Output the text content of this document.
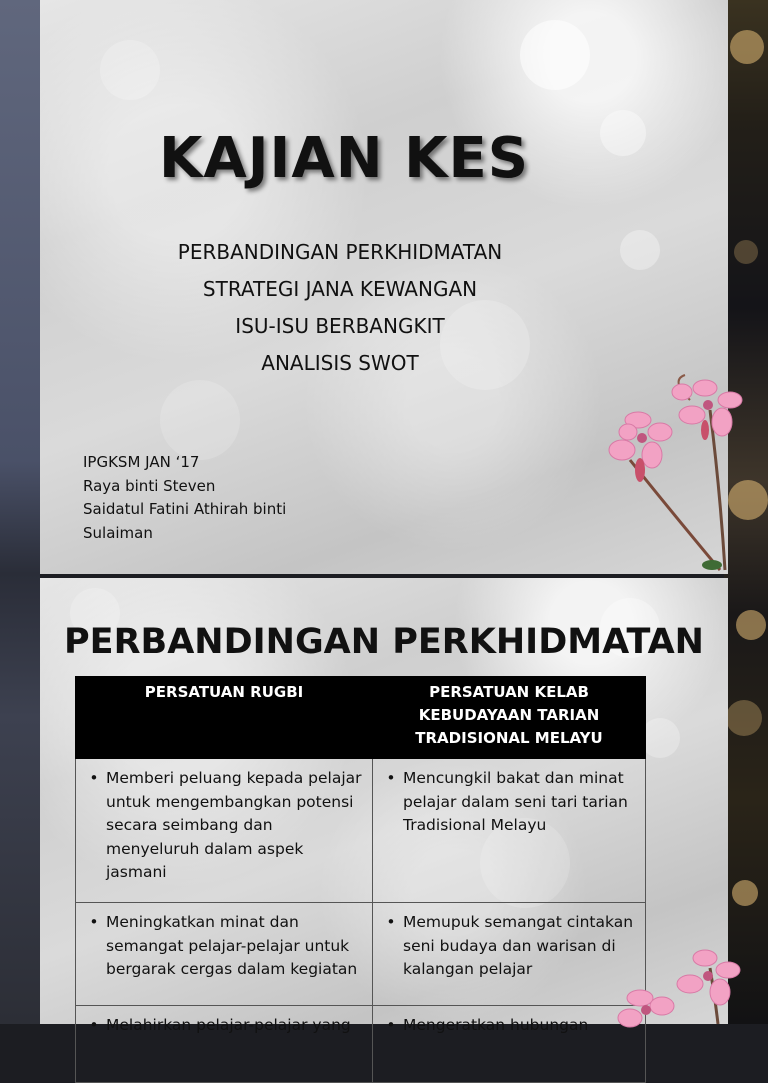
KAJIAN KES
PERBANDINGAN PERKHIDMATAN
STRATEGI JANA KEWANGAN
ISU-ISU BERBANGKIT
ANALISIS SWOT
IPGKSM JAN ‘17
Raya binti Steven
Saidatul Fatini Athirah binti
Sulaiman
PERBANDINGAN PERKHIDMATAN
PERSATUAN RUGBI	PERSATUAN KELAB KEBUDAYAAN TARIAN TRADISIONAL MELAYU

• Memberi peluang kepada pelajar untuk mengembangkan potensi secara seimbang dan menyeluruh dalam aspek jasmani	• Mencungkil bakat dan minat pelajar dalam seni tari tarian Tradisional Melayu

• Meningkatkan minat dan semangat pelajar-pelajar untuk bergarak cergas dalam kegiatan	• Memupuk semangat cintakan seni budaya dan warisan di kalangan pelajar

• Melahirkan pelajar-pelajar yang	• Mengeratkan hubungan
